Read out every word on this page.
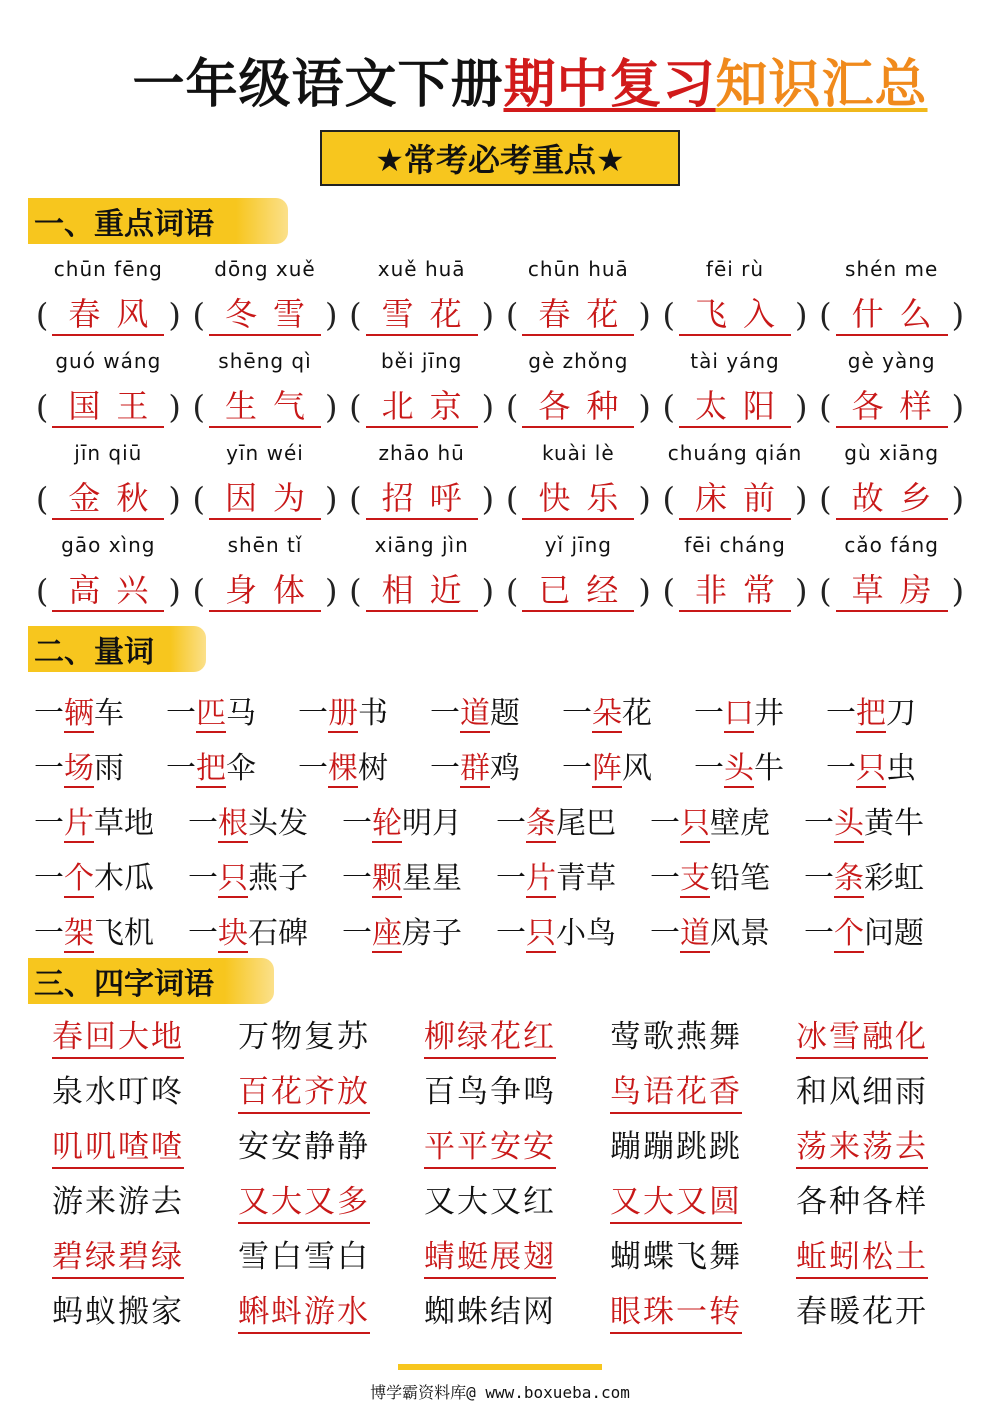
一年级语文下册期中复习知识汇总
★常考必考重点★
一、重点词语
chūn fēng
( 春风 )
dōng xuě
( 冬雪 )
xuě huā
( 雪花 )
chūn huā
( 春花 )
fēi rù
( 飞入 )
shén me
( 什么 )
guó wáng
( 国王 )
shēng qì
( 生气 )
běi jīng
( 北京 )
gè zhǒng
( 各种 )
tài yáng
( 太阳 )
gè yàng
( 各样 )
jīn qiū
( 金秋 )
yīn wéi
( 因为 )
zhāo hū
( 招呼 )
kuài lè
( 快乐 )
chuáng qián
( 床前 )
gù xiāng
( 故乡 )
gāo xìng
( 高兴 )
shēn tǐ
( 身体 )
xiāng jìn
( 相近 )
yǐ jīng
( 已经 )
fēi cháng
( 非常 )
cǎo fáng
( 草房 )
二、量词
一辆车	一匹马	一册书	一道题	一朵花	一口井	一把刀
一场雨	一把伞	一棵树	一群鸡	一阵风	一头牛	一只虫
一片草地	一根头发	一轮明月	一条尾巴	一只壁虎	一头黄牛
一个木瓜	一只燕子	一颗星星	一片青草	一支铅笔	一条彩虹
一架飞机	一块石碑	一座房子	一只小鸟	一道风景	一个问题
三、四字词语
春回大地	万物复苏	柳绿花红	莺歌燕舞	冰雪融化
泉水叮咚	百花齐放	百鸟争鸣	鸟语花香	和风细雨
叽叽喳喳	安安静静	平平安安	蹦蹦跳跳	荡来荡去
游来游去	又大又多	又大又红	又大又圆	各种各样
碧绿碧绿	雪白雪白	蜻蜓展翅	蝴蝶飞舞	蚯蚓松土
蚂蚁搬家	蝌蚪游水	蜘蛛结网	眼珠一转	春暖花开
博学霸资料库@ www.boxueba.com
